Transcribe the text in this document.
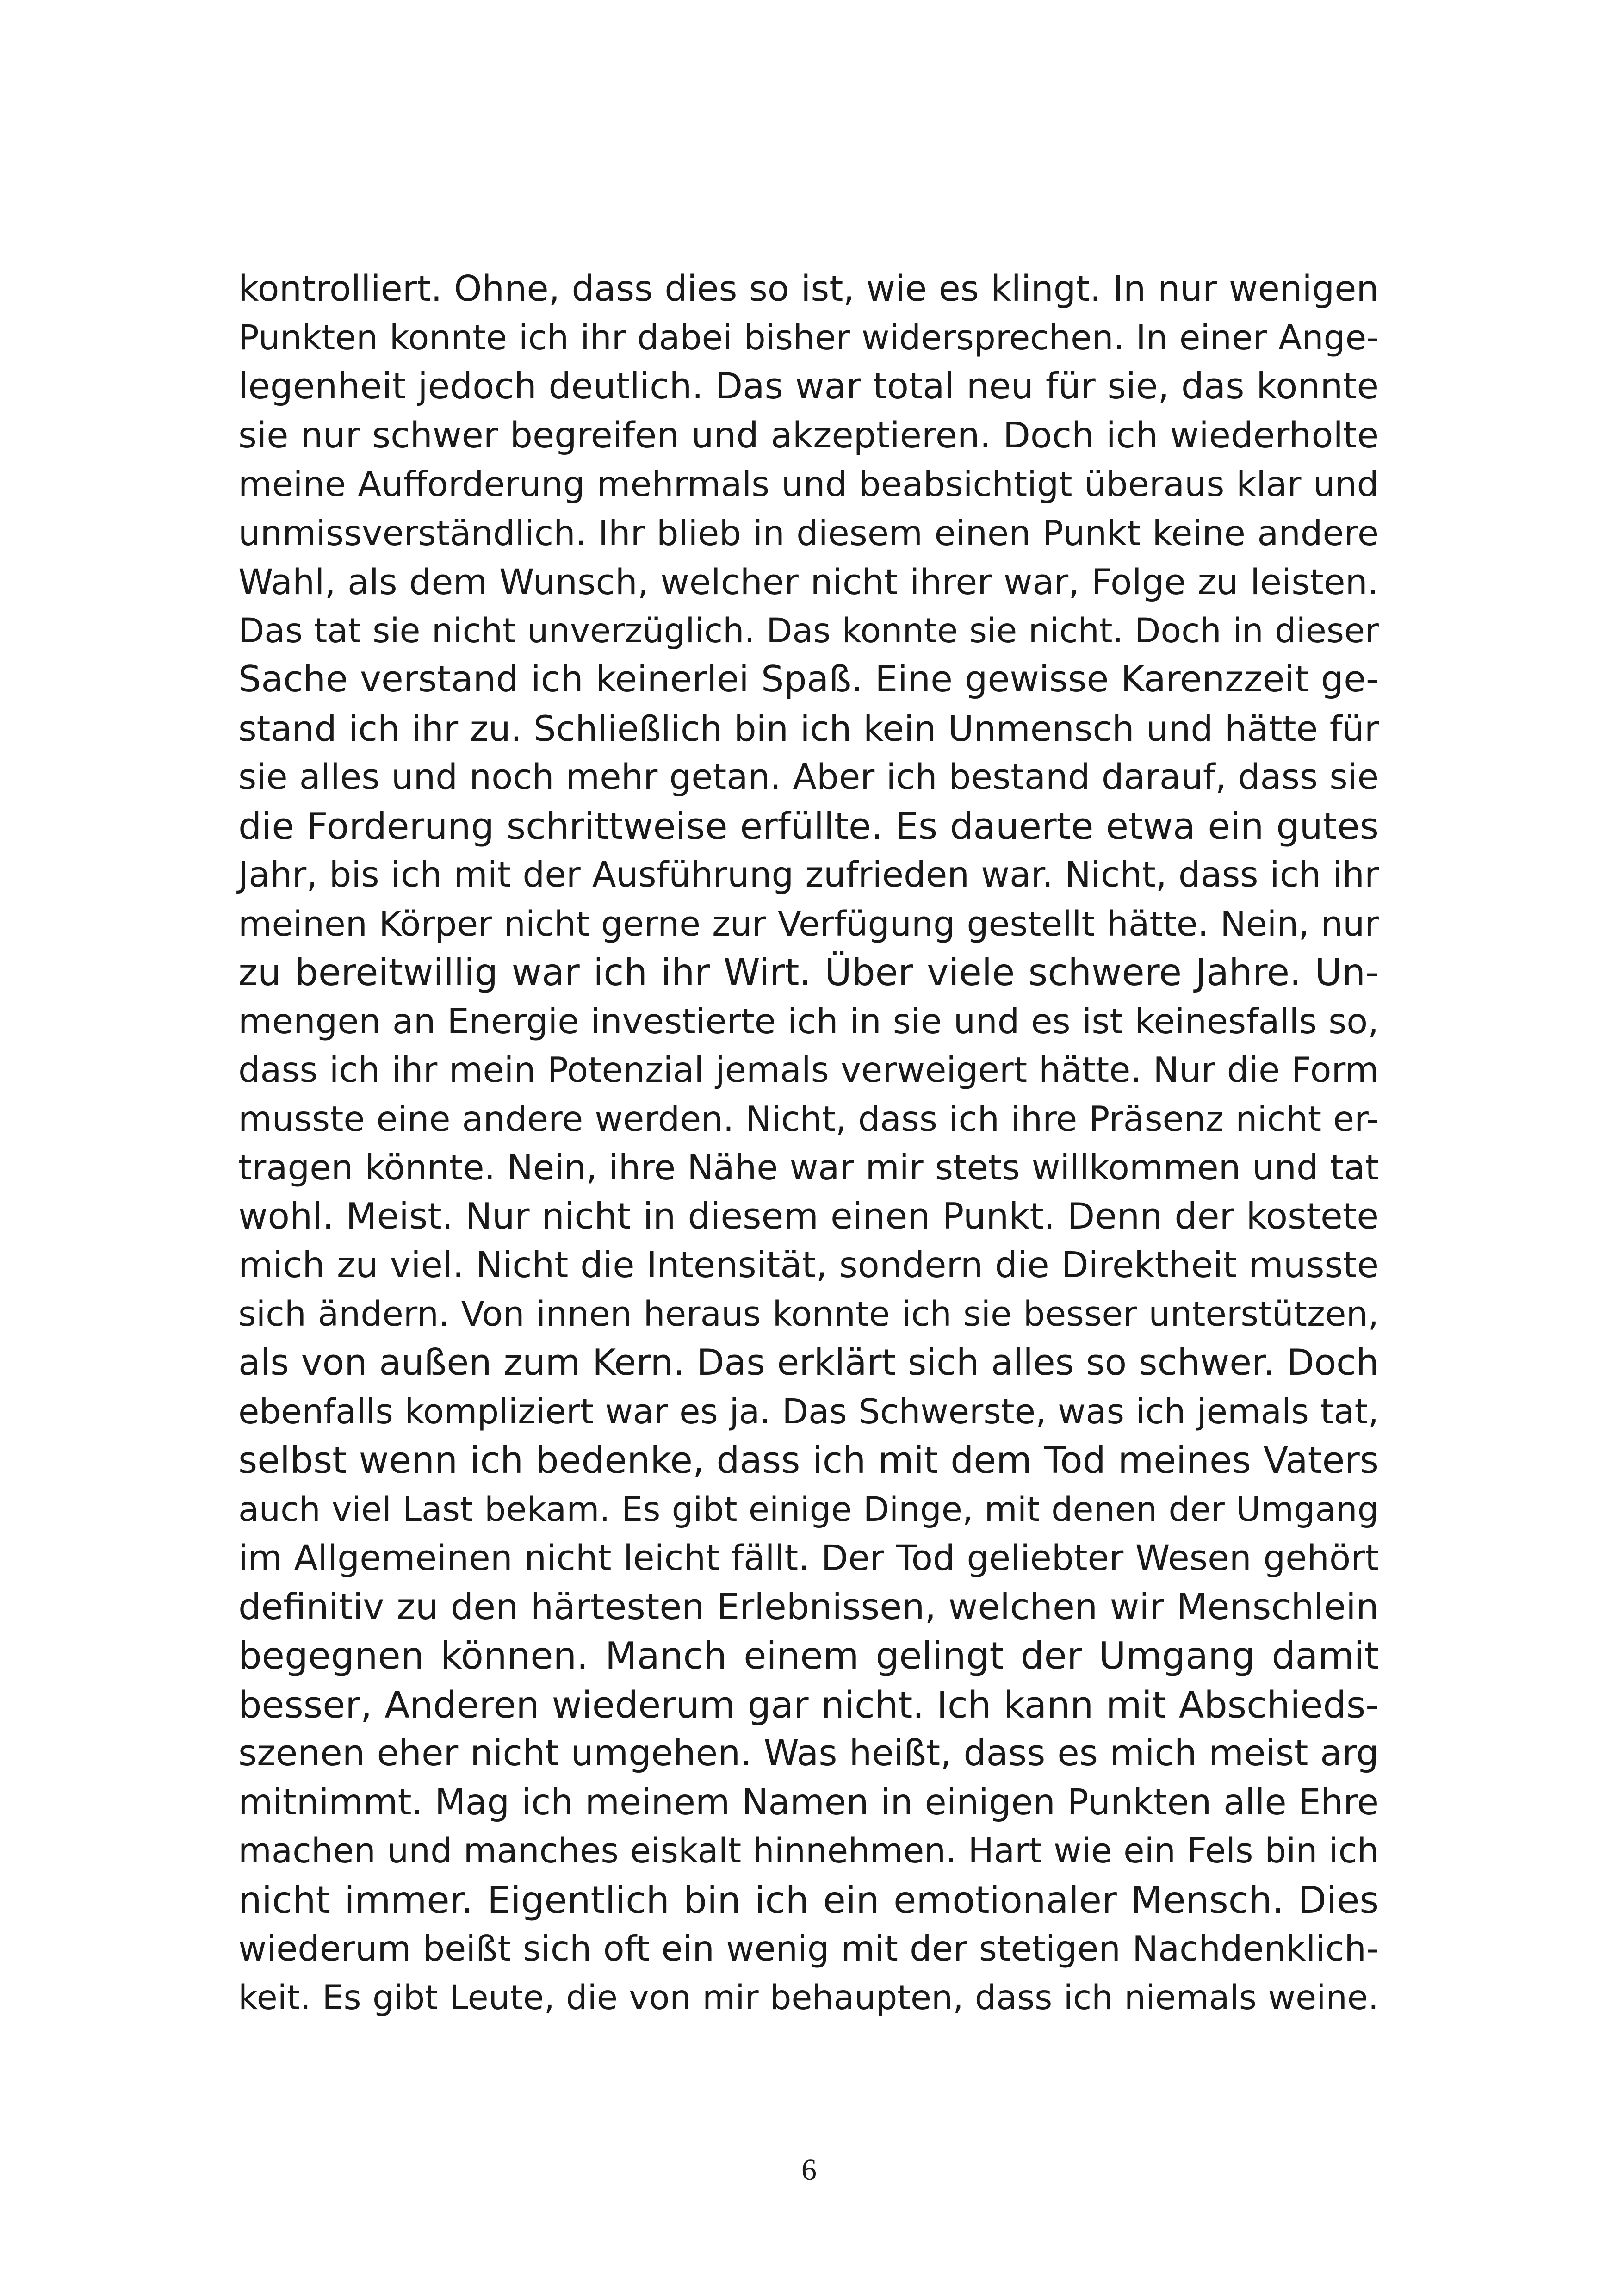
kontrolliert. Ohne, dass dies so ist, wie es klingt. In nur wenigen
Punkten konnte ich ihr dabei bisher widersprechen. In einer Ange-
legenheit jedoch deutlich. Das war total neu für sie, das konnte
sie nur schwer begreifen und akzeptieren. Doch ich wiederholte
meine Aufforderung mehrmals und beabsichtigt überaus klar und
unmissverständlich. Ihr blieb in diesem einen Punkt keine andere
Wahl, als dem Wunsch, welcher nicht ihrer war, Folge zu leisten.
Das tat sie nicht unverzüglich. Das konnte sie nicht. Doch in dieser
Sache verstand ich keinerlei Spaß. Eine gewisse Karenzzeit ge-
stand ich ihr zu. Schließlich bin ich kein Unmensch und hätte für
sie alles und noch mehr getan. Aber ich bestand darauf, dass sie
die Forderung schrittweise erfüllte. Es dauerte etwa ein gutes
Jahr, bis ich mit der Ausführung zufrieden war. Nicht, dass ich ihr
meinen Körper nicht gerne zur Verfügung gestellt hätte. Nein, nur
zu bereitwillig war ich ihr Wirt. Über viele schwere Jahre. Un-
mengen an Energie investierte ich in sie und es ist keinesfalls so,
dass ich ihr mein Potenzial jemals verweigert hätte. Nur die Form
musste eine andere werden. Nicht, dass ich ihre Präsenz nicht er-
tragen könnte. Nein, ihre Nähe war mir stets willkommen und tat
wohl. Meist. Nur nicht in diesem einen Punkt. Denn der kostete
mich zu viel. Nicht die Intensität, sondern die Direktheit musste
sich ändern. Von innen heraus konnte ich sie besser unterstützen,
als von außen zum Kern. Das erklärt sich alles so schwer. Doch
ebenfalls kompliziert war es ja. Das Schwerste, was ich jemals tat,
selbst wenn ich bedenke, dass ich mit dem Tod meines Vaters
auch viel Last bekam. Es gibt einige Dinge, mit denen der Umgang
im Allgemeinen nicht leicht fällt. Der Tod geliebter Wesen gehört
definitiv zu den härtesten Erlebnissen, welchen wir Menschlein
begegnen können. Manch einem gelingt der Umgang damit
besser, Anderen wiederum gar nicht. Ich kann mit Abschieds-
szenen eher nicht umgehen. Was heißt, dass es mich meist arg
mitnimmt. Mag ich meinem Namen in einigen Punkten alle Ehre
machen und manches eiskalt hinnehmen. Hart wie ein Fels bin ich
nicht immer. Eigentlich bin ich ein emotionaler Mensch. Dies
wiederum beißt sich oft ein wenig mit der stetigen Nachdenklich-
keit. Es gibt Leute, die von mir behaupten, dass ich niemals weine.
6
